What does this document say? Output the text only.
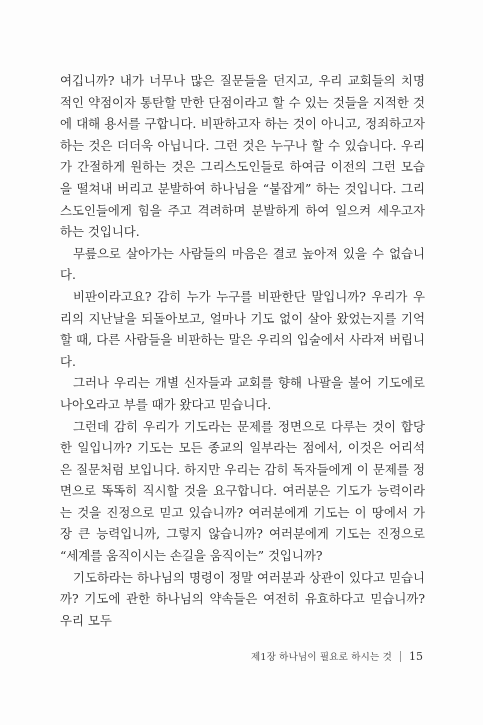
여깁니까? 내가 너무나 많은 질문들을 던지고, 우리 교회들의 치명적인 약점이자 통탄할 만한 단점이라고 할 수 있는 것들을 지적한 것에 대해 용서를 구합니다. 비판하고자 하는 것이 아니고, 정죄하고자 하는 것은 더더욱 아닙니다. 그런 것은 누구나 할 수 있습니다. 우리가 간절하게 원하는 것은 그리스도인들로 하여금 이전의 그런 모습을 떨쳐내 버리고 분발하여 하나님을 “붙잡게” 하는 것입니다. 그리스도인들에게 힘을 주고 격려하며 분발하게 하여 일으켜 세우고자 하는 것입니다.

무릎으로 살아가는 사람들의 마음은 결코 높아져 있을 수 없습니다.

비판이라고요? 감히 누가 누구를 비판한단 말입니까? 우리가 우리의 지난날을 되돌아보고, 얼마나 기도 없이 살아 왔었는지를 기억할 때, 다른 사람들을 비판하는 말은 우리의 입술에서 사라져 버립니다.

그러나 우리는 개별 신자들과 교회를 향해 나팔을 불어 기도에로 나아오라고 부를 때가 왔다고 믿습니다.

그런데 감히 우리가 기도라는 문제를 정면으로 다루는 것이 합당한 일입니까? 기도는 모든 종교의 일부라는 점에서, 이것은 어리석은 질문처럼 보입니다. 하지만 우리는 감히 독자들에게 이 문제를 정면으로 똑똑히 직시할 것을 요구합니다. 여러분은 기도가 능력이라는 것을 진정으로 믿고 있습니까? 여러분에게 기도는 이 땅에서 가장 큰 능력입니까, 그렇지 않습니까? 여러분에게 기도는 진정으로 “세계를 움직이시는 손길을 움직이는” 것입니까?

기도하라는 하나님의 명령이 정말 여러분과 상관이 있다고 믿습니까? 기도에 관한 하나님의 약속들은 여전히 유효하다고 믿습니까? 우리 모두

제1장 하나님이 필요로 하시는 것 15
